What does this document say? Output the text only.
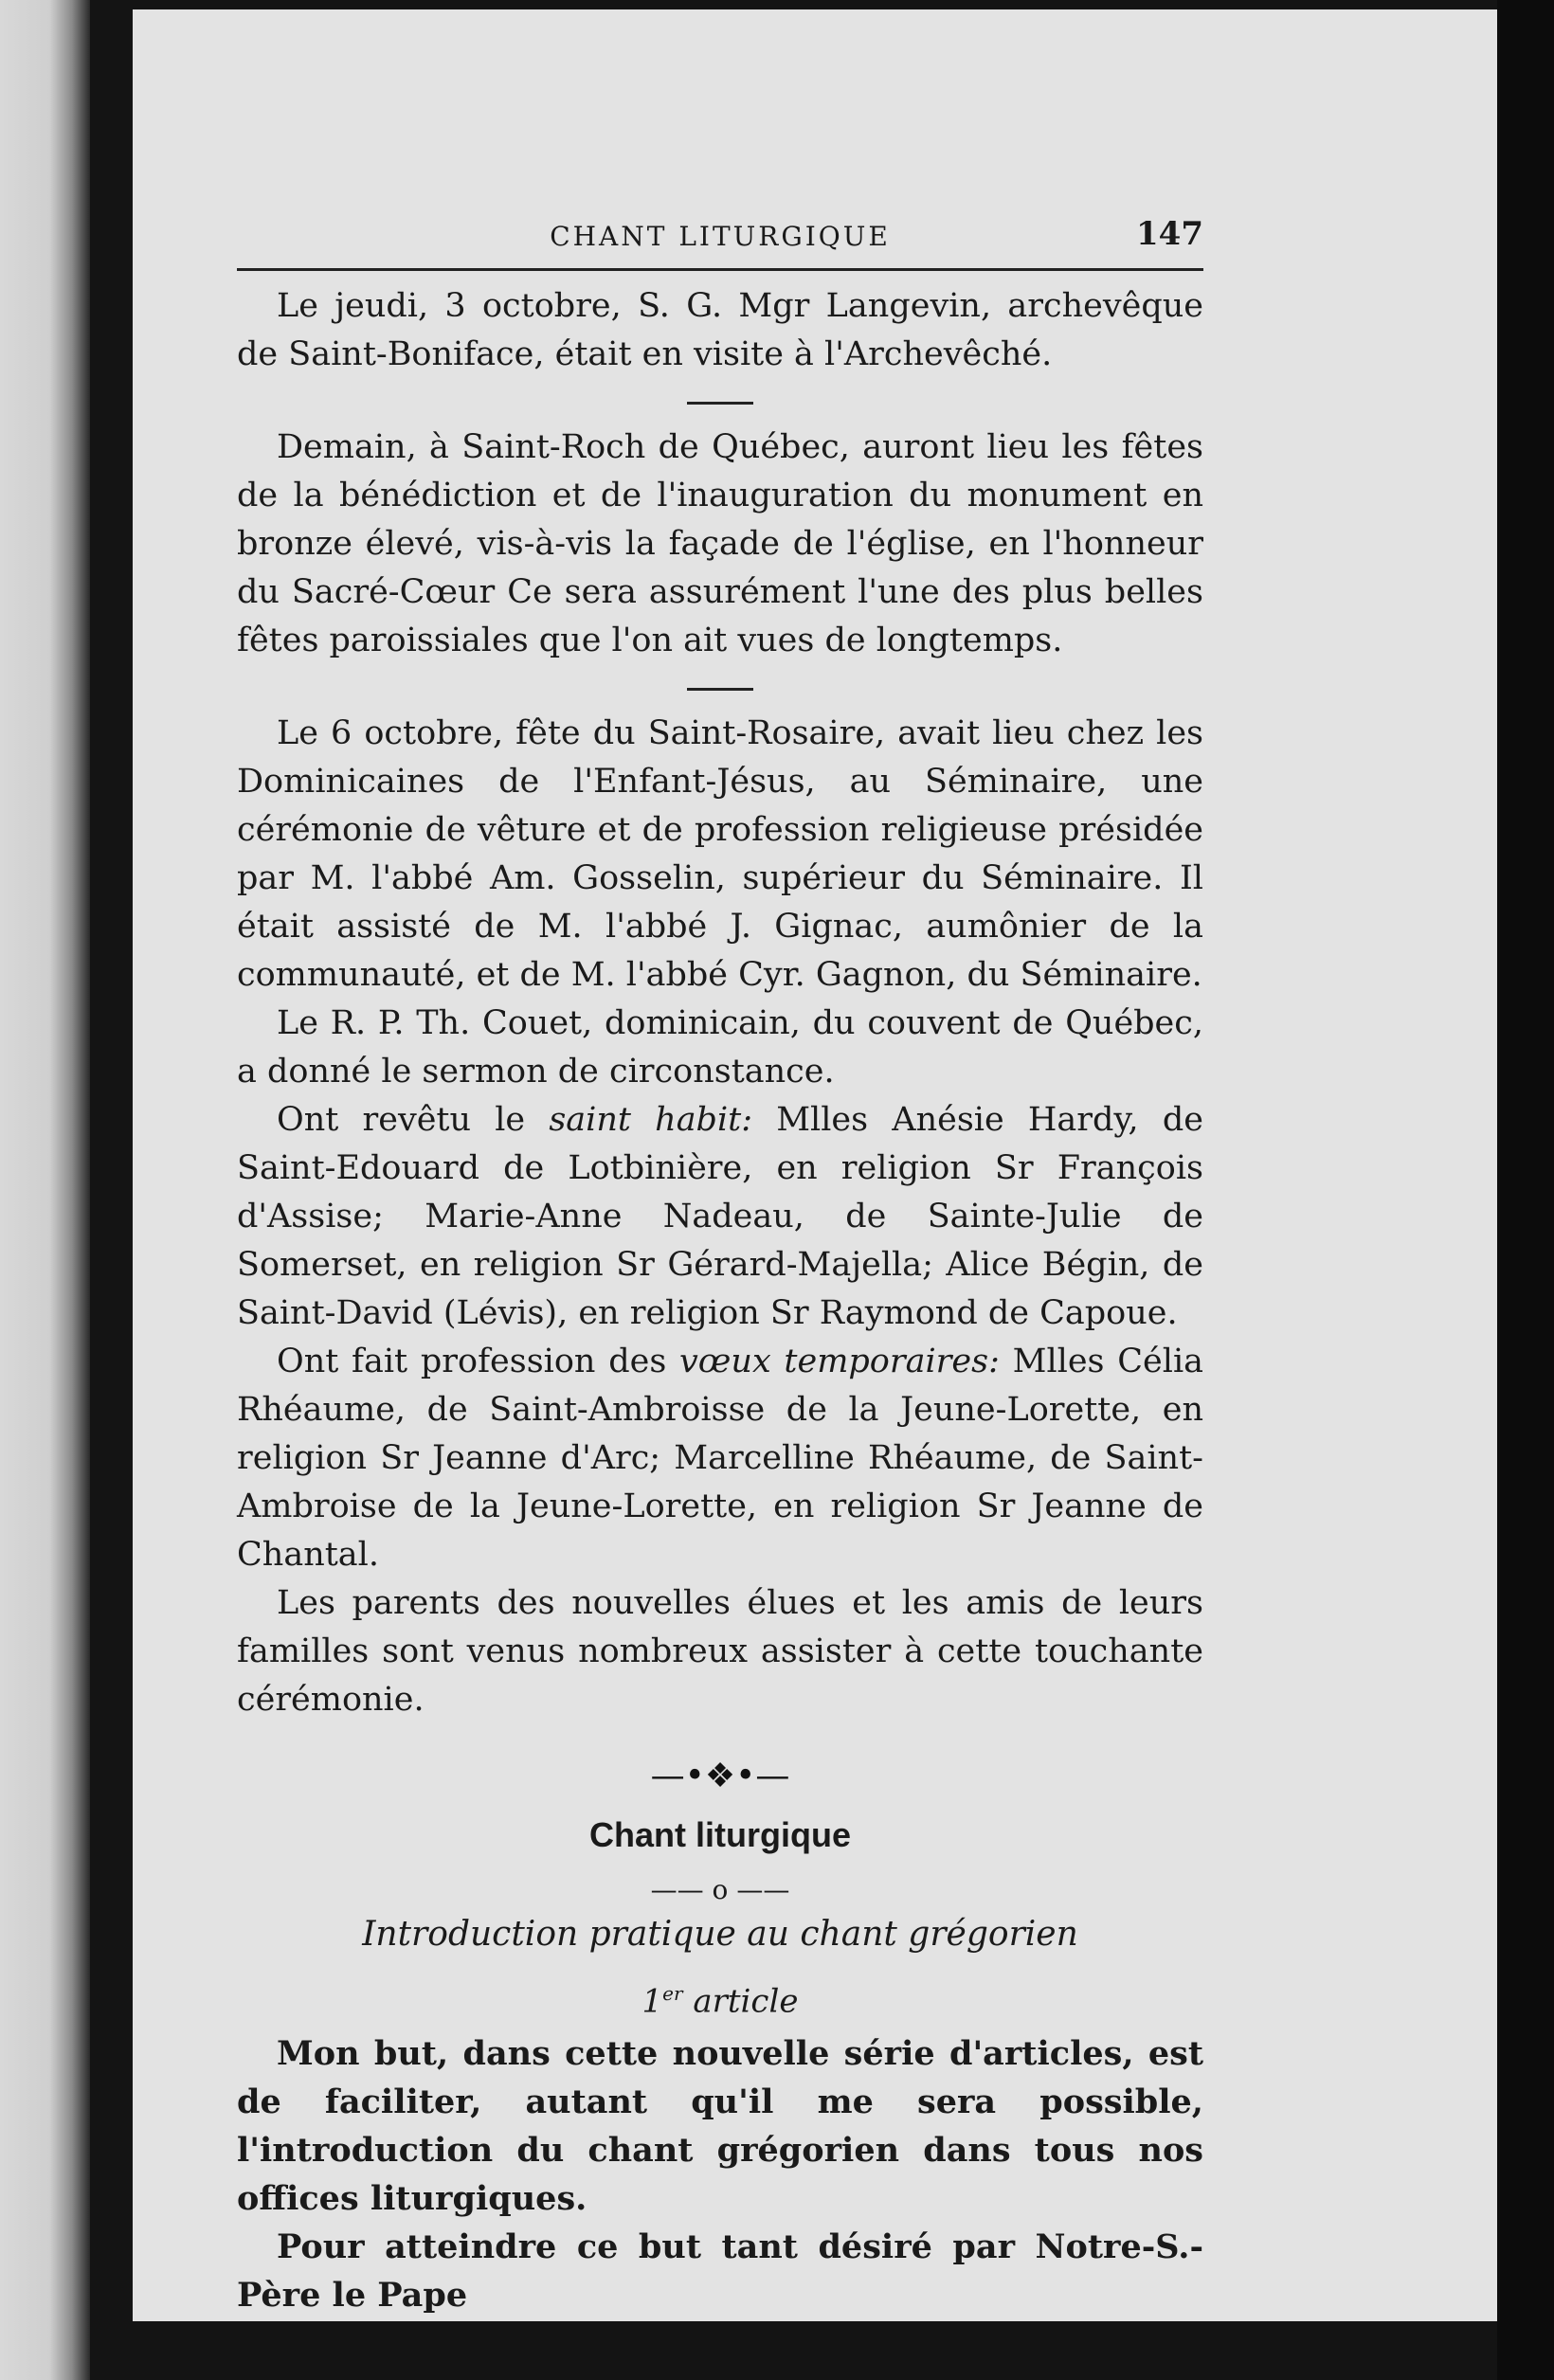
CHANT LITURGIQUE	147

Le jeudi, 3 octobre, S. G. Mgr Langevin, archevêque de Saint-Boniface, était en visite à l'Archevêché.

Demain, à Saint-Roch de Québec, auront lieu les fêtes de la bénédiction et de l'inauguration du monument en bronze élevé, vis-à-vis la façade de l'église, en l'honneur du Sacré-Cœur Ce sera assurément l'une des plus belles fêtes paroissiales que l'on ait vues de longtemps.

Le 6 octobre, fête du Saint-Rosaire, avait lieu chez les Dominicaines de l'Enfant-Jésus, au Séminaire, une cérémonie de vêture et de profession religieuse présidée par M. l'abbé Am. Gosselin, supérieur du Séminaire. Il était assisté de M. l'abbé J. Gignac, aumônier de la communauté, et de M. l'abbé Cyr. Gagnon, du Séminaire.

Le R. P. Th. Couet, dominicain, du couvent de Québec, a donné le sermon de circonstance.

Ont revêtu le saint habit: Mlles Anésie Hardy, de Saint-Edouard de Lotbinière, en religion Sr François d'Assise; Marie-Anne Nadeau, de Sainte-Julie de Somerset, en religion Sr Gérard-Majella; Alice Bégin, de Saint-David (Lévis), en religion Sr Raymond de Capoue.

Ont fait profession des vœux temporaires: Mlles Célia Rhéaume, de Saint-Ambroisse de la Jeune-Lorette, en religion Sr Jeanne d'Arc; Marcelline Rhéaume, de Saint-Ambroise de la Jeune-Lorette, en religion Sr Jeanne de Chantal.

Les parents des nouvelles élues et les amis de leurs familles sont venus nombreux assister à cette touchante cérémonie.

—•❖•—
Chant liturgique
—— o ——
Introduction pratique au chant grégorien
1er article

Mon but, dans cette nouvelle série d'articles, est de faciliter, autant qu'il me sera possible, l'introduction du chant grégorien dans tous nos offices liturgiques.

Pour atteindre ce but tant désiré par Notre-S.-Père le Pape
